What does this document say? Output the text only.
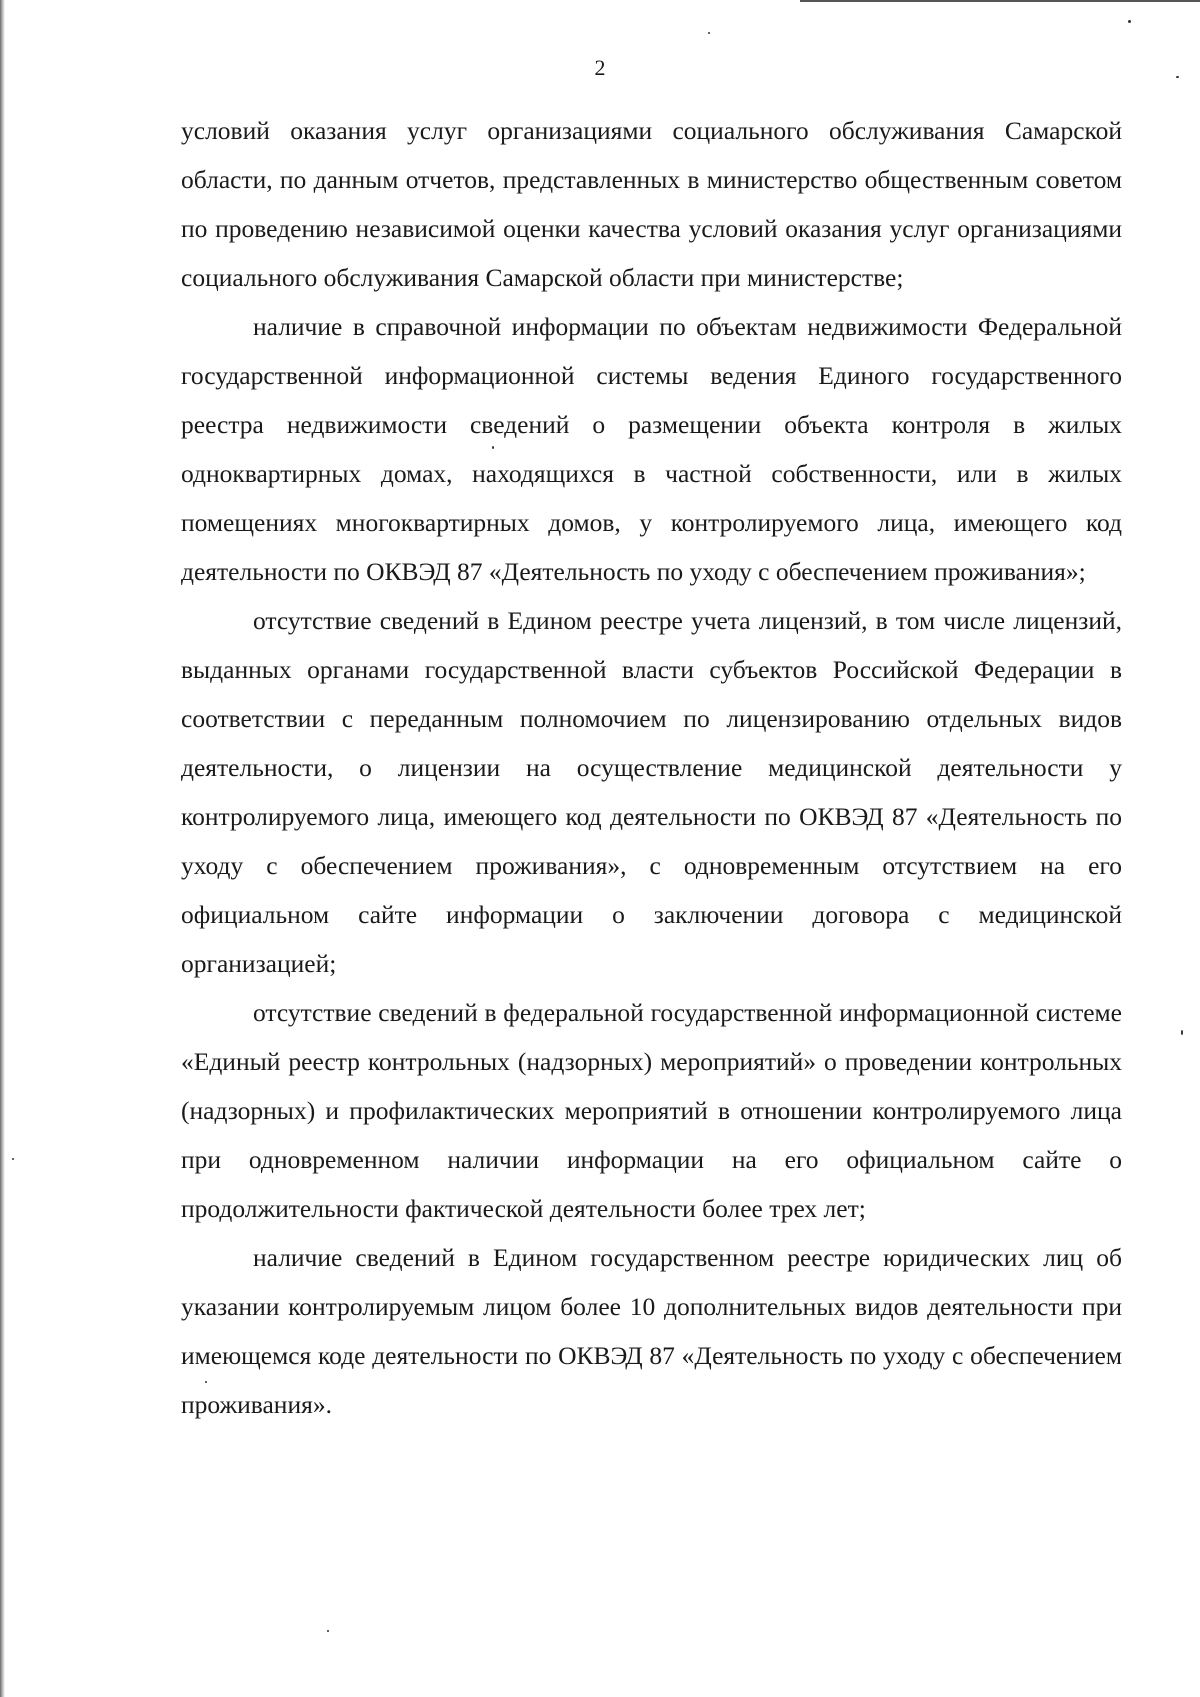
2

условий оказания услуг организациями социального обслуживания Самарской области, по данным отчетов, представленных в министерство общественным советом по проведению независимой оценки качества условий оказания услуг организациями социального обслуживания Самарской области при министерстве;

наличие в справочной информации по объектам недвижимости Федеральной государственной информационной системы ведения Единого государственного реестра недвижимости сведений о размещении объекта контроля в жилых одноквартирных домах, находящихся в частной собственности, или в жилых помещениях многоквартирных домов, у контролируемого лица, имеющего код деятельности по ОКВЭД 87 «Деятельность по уходу с обеспечением проживания»;

отсутствие сведений в Едином реестре учета лицензий, в том числе лицензий, выданных органами государственной власти субъектов Российской Федерации в соответствии с переданным полномочием по лицензированию отдельных видов деятельности, о лицензии на осуществление медицинской деятельности у контролируемого лица, имеющего код деятельности по ОКВЭД 87 «Деятельность по уходу с обеспечением проживания», с одновременным отсутствием на его официальном сайте информации о заключении договора с медицинской организацией;

отсутствие сведений в федеральной государственной информационной системе «Единый реестр контрольных (надзорных) мероприятий» о проведении контрольных (надзорных) и профилактических мероприятий в отношении контролируемого лица при одновременном наличии информации на его официальном сайте о продолжительности фактической деятельности более трех лет;

наличие сведений в Едином государственном реестре юридических лиц об указании контролируемым лицом более 10 дополнительных видов деятельности при имеющемся коде деятельности по ОКВЭД 87 «Деятельность по уходу с обеспечением проживания».
